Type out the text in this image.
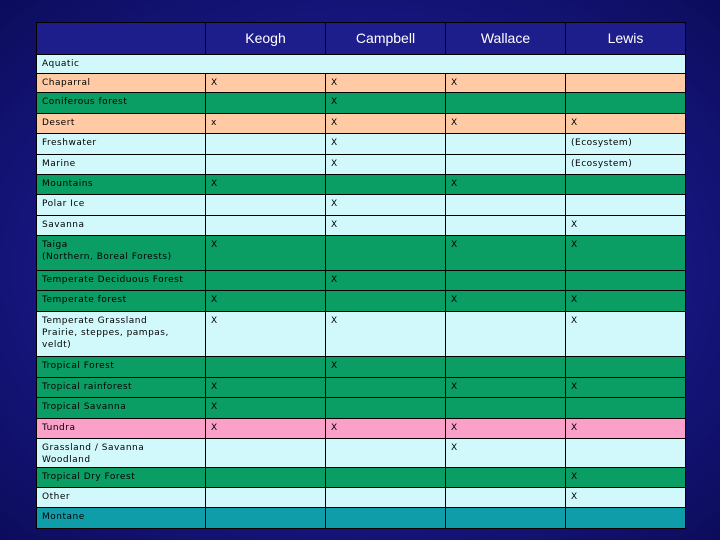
	Keogh	Campbell	Wallace	Lewis
Aquatic				

Chaparral	X	X	X	

Coniferous forest		X		

Desert	x	X	X	X

Freshwater		X		(Ecosystem)

Marine		X		(Ecosystem)

Mountains	X		X	

Polar Ice		X		

Savanna		X		X

Taiga
(Northern, Boreal Forests)	X		X	X

Temperate Deciduous Forest		X		

Temperate forest	X		X	X

Temperate Grassland
Prairie, steppes, pampas,
veldt)	X	X		X

Tropical Forest		X		

Tropical rainforest	X		X	X

Tropical Savanna	X			

Tundra	X	X	X	X

Grassland / Savanna
Woodland			X	

Tropical Dry Forest				X

Other				X

Montane				
